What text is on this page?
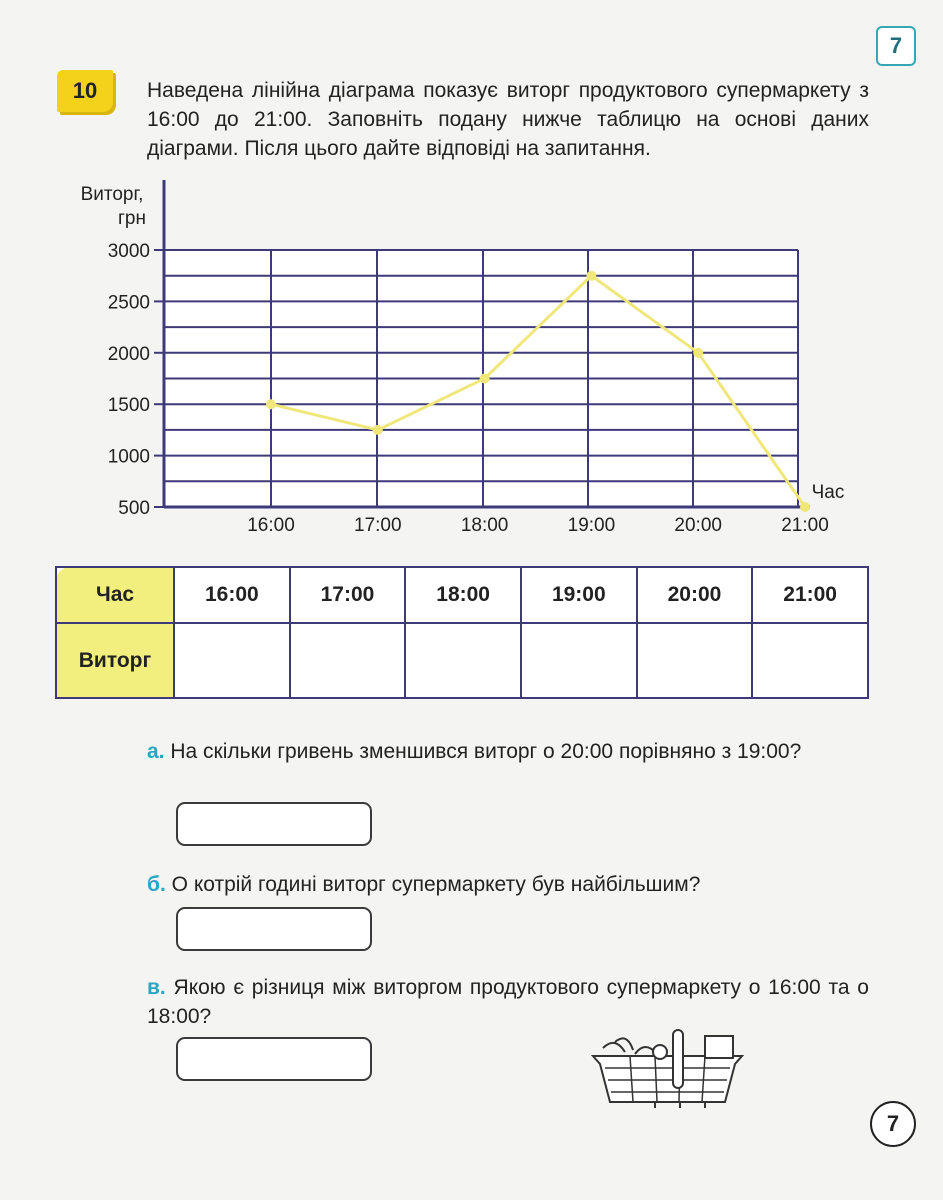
7
10	Наведена лінійна діаграма показує виторг продуктового супермаркету з 16:00 до 21:00. Заповніть подану нижче таблицю на основі даних діаграми. Після цього дайте відповіді на запитання.

Виторг,
грн
Час
3000
2500
2000
1500
1000
500
16:00	17:00	18:00	19:00	20:00	21:00
Час	16:00	17:00	18:00	19:00	20:00	21:00
Виторг						

а. На скільки гривень зменшився виторг о 20:00 порівняно з 19:00?

б. О котрій годині виторг супермаркету був найбільшим?

в. Якою є різниця між виторгом продуктового супермаркету о 16:00 та о 18:00?

7
